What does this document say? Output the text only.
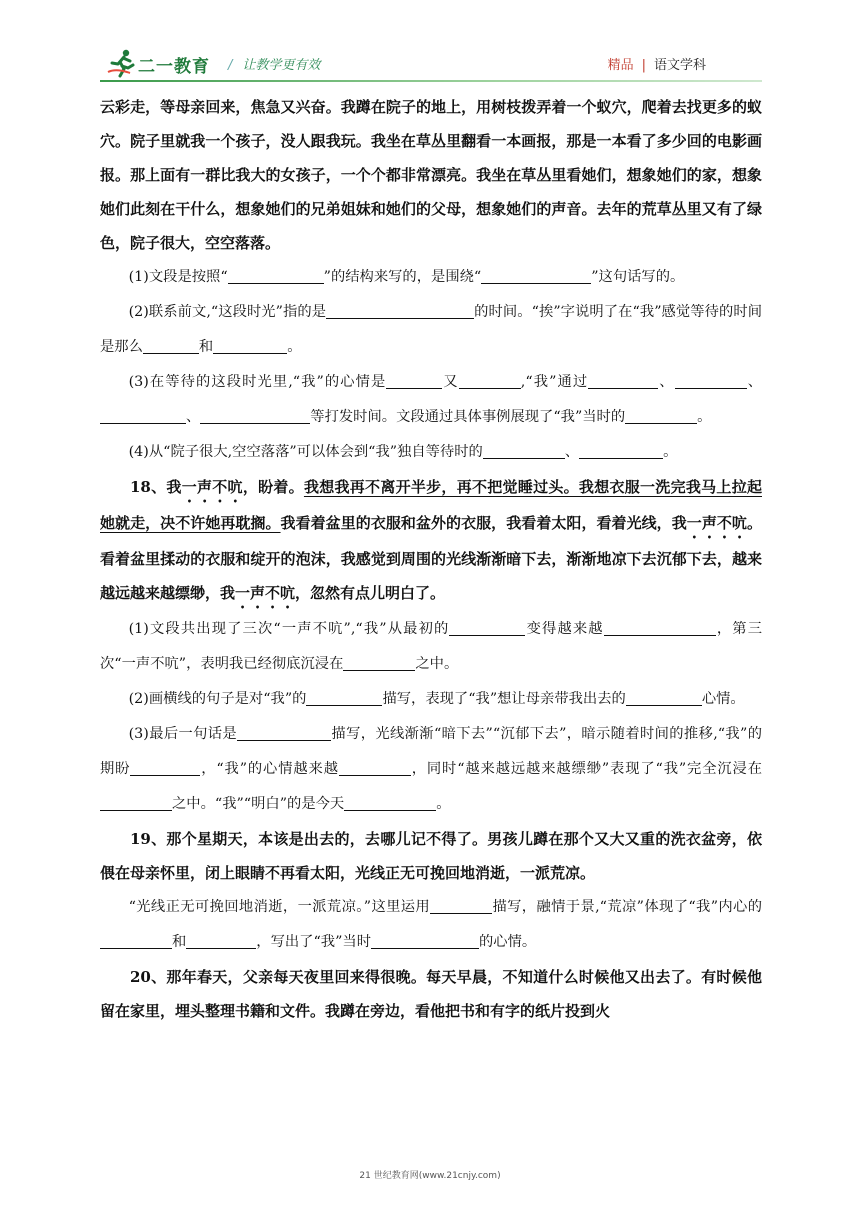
二一教育 / 让教学更有效	精品 | 语文学科

云彩走，等母亲回来，焦急又兴奋。我蹲在院子的地上，用树枝拨弄着一个蚁穴，爬着去找更多的蚁穴。院子里就我一个孩子，没人跟我玩。我坐在草丛里翻看一本画报，那是一本看了多少回的电影画报。那上面有一群比我大的女孩子，一个个都非常漂亮。我坐在草丛里看她们，想象她们的家，想象她们此刻在干什么，想象她们的兄弟姐妹和她们的父母，想象她们的声音。去年的荒草丛里又有了绿色，院子很大，空空落落。

(1)文段是按照“	”的结构来写的，是围绕“	”这句话写的。

(2)联系前文,“这段时光”指的是	的时间。“挨”字说明了在“我”感觉等待的时间是那么	和	。

(3)在等待的这段时光里,“我”的心情是	又	,“我”通过	、	、、	等打发时间。文段通过具体事例展现了“我”当时的	。

(4)从“院子很大,空空落落”可以体会到“我”独自等待时的	、	。

18、我一声不吭，盼着。我想我再不离开半步，再不把觉睡过头。我想衣服一洗完我马上拉起她就走，决不许她再耽搁。我看着盆里的衣服和盆外的衣服，我看着太阳，看着光线，我一声不吭。看着盆里揉动的衣服和绽开的泡沫，我感觉到周围的光线渐渐暗下去，渐渐地凉下去沉郁下去，越来越远越来越缥缈，我一声不吭，忽然有点儿明白了。

(1)文段共出现了三次“一声不吭”,“我”从最初的	变得越来越	，第三次“一声不吭”，表明我已经彻底沉浸在	之中。

(2)画横线的句子是对“我”的	描写，表现了“我”想让母亲带我出去的	心情。

(3)最后一句话是	描写，光线渐渐“暗下去”“沉郁下去”，暗示随着时间的推移,“我”的期盼	，“我”的心情越来越	，同时“越来越远越来越缥缈”表现了“我”完全沉浸在之中。“我”“明白”的是今天	。

19、那个星期天，本该是出去的，去哪儿记不得了。男孩儿蹲在那个又大又重的洗衣盆旁，依偎在母亲怀里，闭上眼睛不再看太阳，光线正无可挽回地消逝，一派荒凉。

“光线正无可挽回地消逝，一派荒凉。”这里运用	描写，融情于景,“荒凉”体现了“我”内心的和	，写出了“我”当时	的心情。

20、那年春天，父亲每天夜里回来得很晚。每天早晨，不知道什么时候他又出去了。有时候他留在家里，埋头整理书籍和文件。我蹲在旁边，看他把书和有字的纸片投到火

21 世纪教育网(www.21cnjy.com)
